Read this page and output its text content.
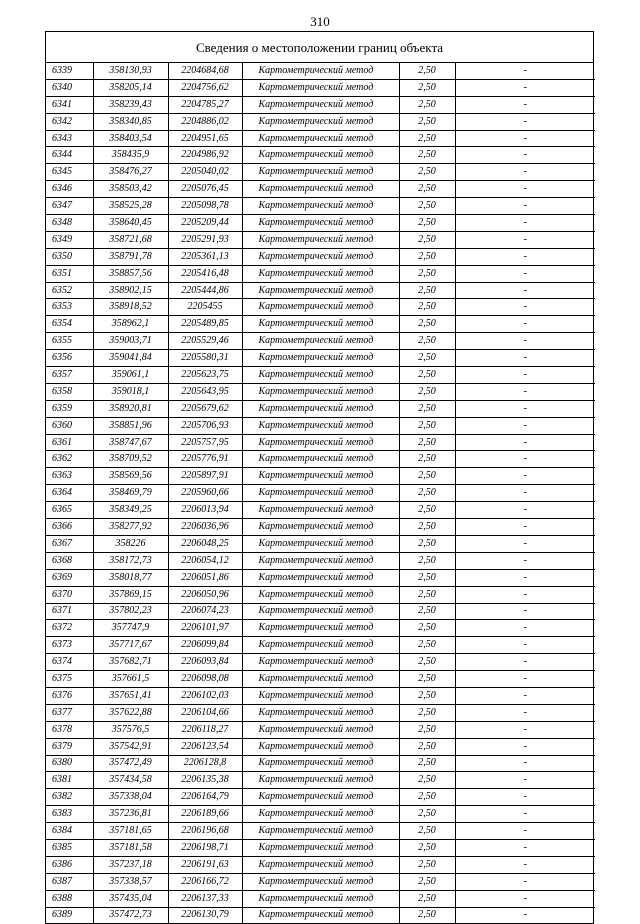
310
Сведения о местоположении границ объекта
6339	358130,93	2204684,68	Картометрический метод	2,50	-
6340	358205,14	2204756,62	Картометрический метод	2,50	-
6341	358239,43	2204785,27	Картометрический метод	2,50	-
6342	358340,85	2204886,02	Картометрический метод	2,50	-
6343	358403,54	2204951,65	Картометрический метод	2,50	-
6344	358435,9	2204986,92	Картометрический метод	2,50	-
6345	358476,27	2205040,02	Картометрический метод	2,50	-
6346	358503,42	2205076,45	Картометрический метод	2,50	-
6347	358525,28	2205098,78	Картометрический метод	2,50	-
6348	358640,45	2205209,44	Картометрический метод	2,50	-
6349	358721,68	2205291,93	Картометрический метод	2,50	-
6350	358791,78	2205361,13	Картометрический метод	2,50	-
6351	358857,56	2205416,48	Картометрический метод	2,50	-
6352	358902,15	2205444,86	Картометрический метод	2,50	-
6353	358918,52	2205455	Картометрический метод	2,50	-
6354	358962,1	2205489,85	Картометрический метод	2,50	-
6355	359003,71	2205529,46	Картометрический метод	2,50	-
6356	359041,84	2205580,31	Картометрический метод	2,50	-
6357	359061,1	2205623,75	Картометрический метод	2,50	-
6358	359018,1	2205643,95	Картометрический метод	2,50	-
6359	358920,81	2205679,62	Картометрический метод	2,50	-
6360	358851,96	2205706,93	Картометрический метод	2,50	-
6361	358747,67	2205757,95	Картометрический метод	2,50	-
6362	358709,52	2205776,91	Картометрический метод	2,50	-
6363	358569,56	2205897,91	Картометрический метод	2,50	-
6364	358469,79	2205960,66	Картометрический метод	2,50	-
6365	358349,25	2206013,94	Картометрический метод	2,50	-
6366	358277,92	2206036,96	Картометрический метод	2,50	-
6367	358226	2206048,25	Картометрический метод	2,50	-
6368	358172,73	2206054,12	Картометрический метод	2,50	-
6369	358018,77	2206051,86	Картометрический метод	2,50	-
6370	357869,15	2206050,96	Картометрический метод	2,50	-
6371	357802,23	2206074,23	Картометрический метод	2,50	-
6372	357747,9	2206101,97	Картометрический метод	2,50	-
6373	357717,67	2206099,84	Картометрический метод	2,50	-
6374	357682,71	2206093,84	Картометрический метод	2,50	-
6375	357661,5	2206098,08	Картометрический метод	2,50	-
6376	357651,41	2206102,03	Картометрический метод	2,50	-
6377	357622,88	2206104,66	Картометрический метод	2,50	-
6378	357576,5	2206118,27	Картометрический метод	2,50	-
6379	357542,91	2206123,54	Картометрический метод	2,50	-
6380	357472,49	2206128,8	Картометрический метод	2,50	-
6381	357434,58	2206135,38	Картометрический метод	2,50	-
6382	357338,04	2206164,79	Картометрический метод	2,50	-
6383	357236,81	2206189,66	Картометрический метод	2,50	-
6384	357181,65	2206196,68	Картометрический метод	2,50	-
6385	357181,58	2206198,71	Картометрический метод	2,50	-
6386	357237,18	2206191,63	Картометрический метод	2,50	-
6387	357338,57	2206166,72	Картометрический метод	2,50	-
6388	357435,04	2206137,33	Картометрический метод	2,50	-
6389	357472,73	2206130,79	Картометрический метод	2,50	-
